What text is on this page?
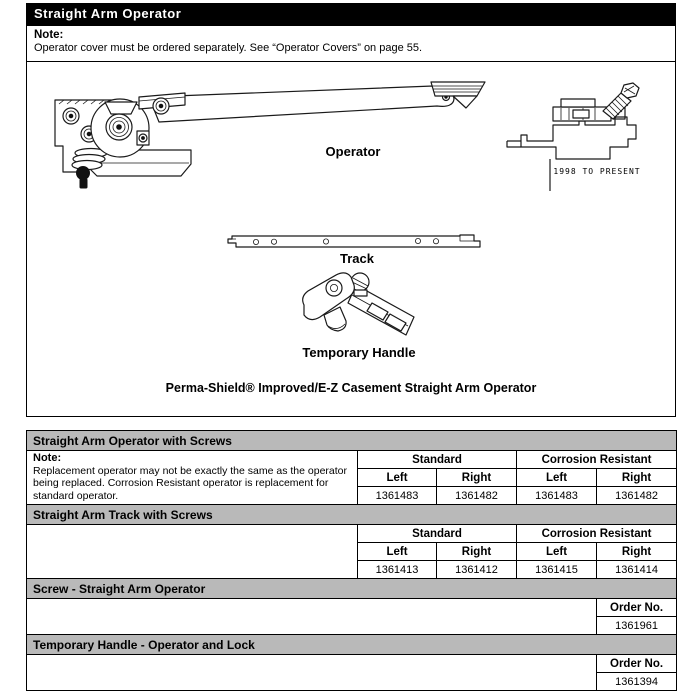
Straight Arm Operator
Note:
Operator cover must be ordered separately. See “Operator Covers” on page 55.
Operator
1998 TO PRESENT
Track
Temporary Handle
Perma-Shield® Improved/E-Z Casement Straight Arm Operator
Straight Arm Operator with Screws				
Note:
Replacement operator may not be exactly the same as the operator being replaced. Corrosion Resistant operator is replacement for standard operator.	Standard		Corrosion Resistant	
	Left	Right	Left	Right
	1361483	1361482	1361483	1361482
Straight Arm Track with Screws				
	Standard		Corrosion Resistant	
	Left	Right	Left	Right
	1361413	1361412	1361415	1361414
Screw - Straight Arm Operator				
				Order No.
				1361961
Temporary Handle - Operator and Lock				
				Order No.
				1361394
